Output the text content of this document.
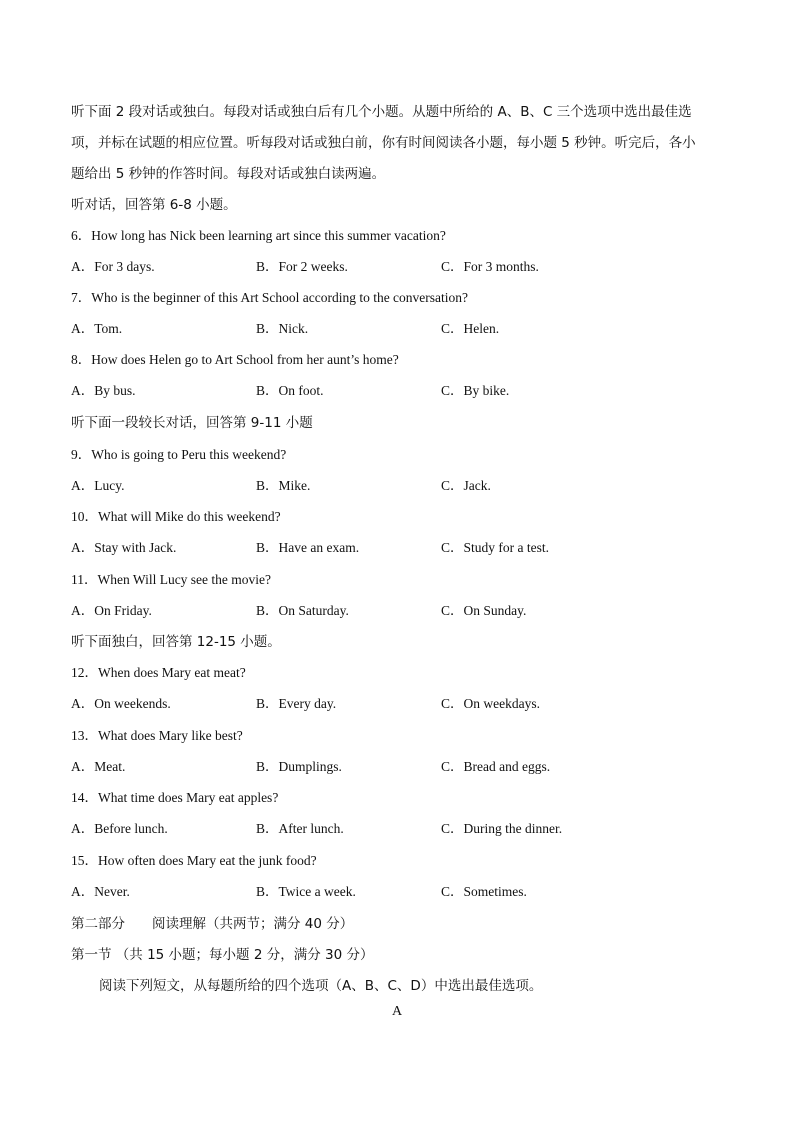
听下面 2 段对话或独白。每段对话或独白后有几个小题。从题中所给的 A、B、C 三个选项中选出最佳选
项，并标在试题的相应位置。听每段对话或独白前，你有时间阅读各小题，每小题 5 秒钟。听完后，各小
题给出 5 秒钟的作答时间。每段对话或独白读两遍。
听对话，回答第 6-8 小题。
6．How long has Nick been learning art since this summer vacation?
A．For 3 days.	B．For 2 weeks.	C．For 3 months.
7．Who is the beginner of this Art School according to the conversation?
A．Tom.	B．Nick.	C．Helen.
8．How does Helen go to Art School from her aunt’s home?
A．By bus.	B．On foot.	C．By bike.
听下面一段较长对话，回答第 9-11 小题
9．Who is going to Peru this weekend?
A．Lucy.	B．Mike.	C．Jack.
10．What will Mike do this weekend?
A．Stay with Jack.	B．Have an exam.	C．Study for a test.
11．When Will Lucy see the movie?
A．On Friday.	B．On Saturday.	C．On Sunday.
听下面独白，回答第 12-15 小题。
12．When does Mary eat meat?
A．On weekends.	B．Every day.	C．On weekdays.
13．What does Mary like best?
A．Meat.	B．Dumplings.	C．Bread and eggs.
14．What time does Mary eat apples?
A．Before lunch.	B．After lunch.	C．During the dinner.
15．How often does Mary eat the junk food?
A．Never.	B．Twice a week.	C．Sometimes.
第二部分　　阅读理解（共两节；满分 40 分）
第一节 （共 15 小题；每小题 2 分，满分 30 分）
阅读下列短文，从每题所给的四个选项（A、B、C、D）中选出最佳选项。
A
